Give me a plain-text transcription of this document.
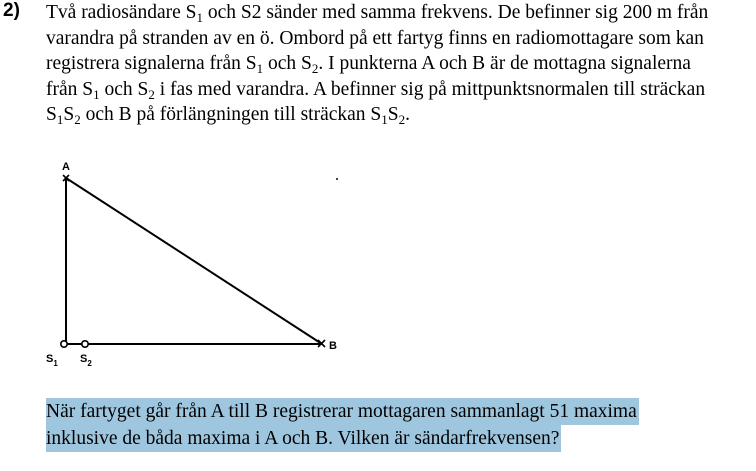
2) Två radiosändare $S_1$ och S2 sänder med samma frekvens. De befinner sig 200 m från
varandra på stranden av en ö. Ombord på ett fartyg finns en radiomottagare som kan
registrera signalerna från $S_1$ och $S_2$. I punkterna A och B är de mottagna signalerna
från $S_1$ och $S_2$ i fas med varandra. A befinner sig på mittpunktsnormalen till sträckan
$S_1S_2$ och B på förlängningen till sträckan $S_1S_2$.
A
B
$S_1$ $S_2$
När fartyget går från A till B registrerar mottagaren sammanlagt 51 maxima
inklusive de båda maxima i A och B. Vilken är sändarfrekvensen?
